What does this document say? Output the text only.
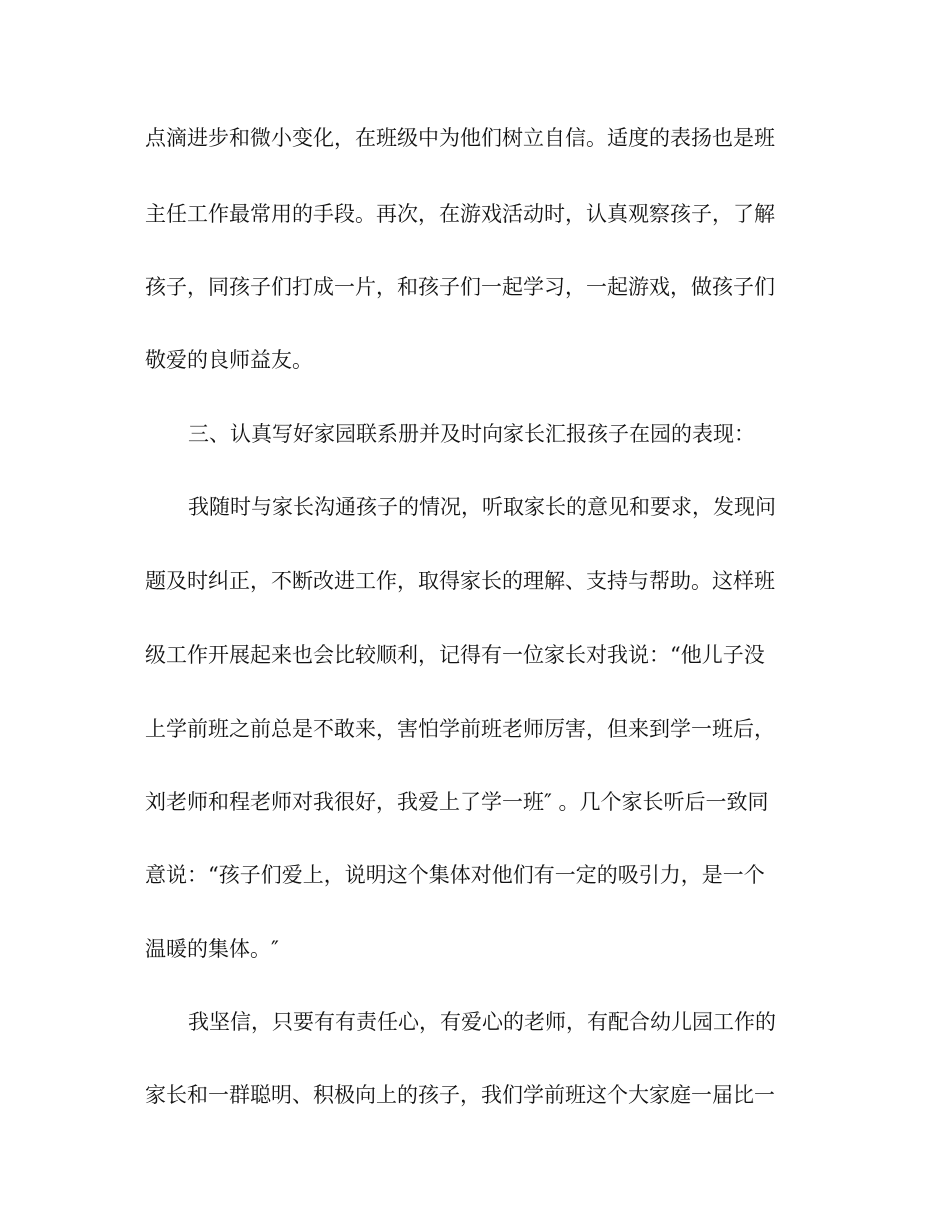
点滴进步和微小变化，在班级中为他们树立自信。适度的表扬也是班
主任工作最常用的手段。再次，在游戏活动时，认真观察孩子，了解
孩子，同孩子们打成一片，和孩子们一起学习，一起游戏，做孩子们
敬爱的良师益友。
三、认真写好家园联系册并及时向家长汇报孩子在园的表现：
我随时与家长沟通孩子的情况，听取家长的意见和要求，发现问
题及时纠正，不断改进工作，取得家长的理解、支持与帮助。这样班
级工作开展起来也会比较顺利，记得有一位家长对我说：“他儿子没
上学前班之前总是不敢来，害怕学前班老师厉害，但来到学一班后，
刘老师和程老师对我很好，我爱上了学一班″ 。几个家长听后一致同
意说：“孩子们爱上，说明这个集体对他们有一定的吸引力，是一个
温暖的集体。″
我坚信，只要有有责任心，有爱心的老师，有配合幼儿园工作的
家长和一群聪明、积极向上的孩子，我们学前班这个大家庭一届比一
